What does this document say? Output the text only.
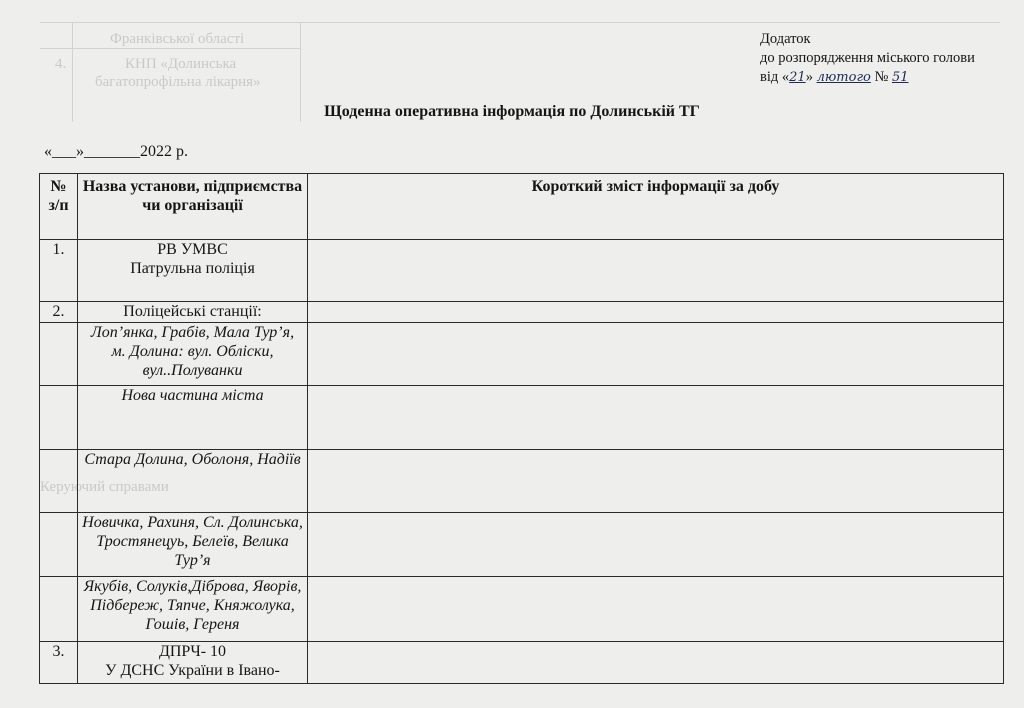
Франківської області
4.	КНП «Долинська
багатопрофільна лікарня»
Керуючий справами
Додаток
до розпорядження міського голови
від «21» лютого № 51
Щоденна оперативна інформація по Долинській ТГ
«___»_______2022 р.
№ з/п	Назва установи, підприємства чи організації	Короткий зміст інформації за добу
1.	РВ УМВС
Патрульна поліція	

2.	Поліцейські станції:	
	Лоп’янка, Грабів, Мала Тур’я, м. Долина: вул. Обліски, вул..Полуванки	
	Нова частина міста	
	Стара Долина, Оболоня, Надіїв	
	Новичка, Рахиня, Сл. Долинська, Тростянецуь, Белеїв, Велика Тур’я	
	Якубів, Солуків,Діброва, Яворів, Підбереж, Тяпче, Княжолука, Гошів, Гереня	
3.	ДПРЧ- 10
У ДСНС України в Івано-	
